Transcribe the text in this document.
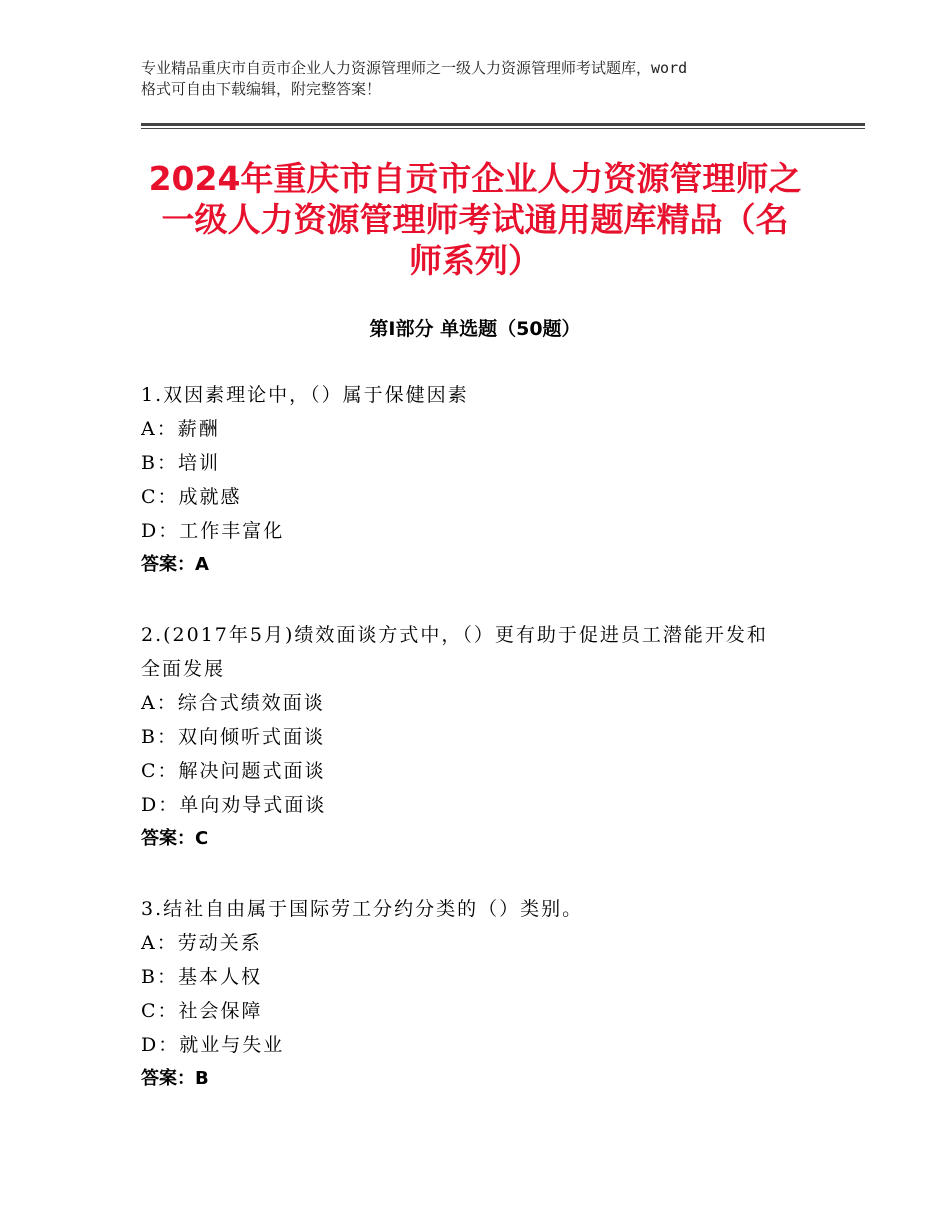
专业精品重庆市自贡市企业人力资源管理师之一级人力资源管理师考试题库，word
格式可自由下载编辑，附完整答案！
2024年重庆市自贡市企业人力资源管理师之
一级人力资源管理师考试通用题库精品（名
师系列）
第Ⅰ部分 单选题（50题）
1.双因素理论中，（）属于保健因素
A：薪酬
B：培训
C：成就感
D：工作丰富化
答案：A
2.(2017年5月)绩效面谈方式中，（）更有助于促进员工潜能开发和
全面发展
A：综合式绩效面谈
B：双向倾听式面谈
C：解决问题式面谈
D：单向劝导式面谈
答案：C
3.结社自由属于国际劳工分约分类的（）类别。
A：劳动关系
B：基本人权
C：社会保障
D：就业与失业
答案：B
